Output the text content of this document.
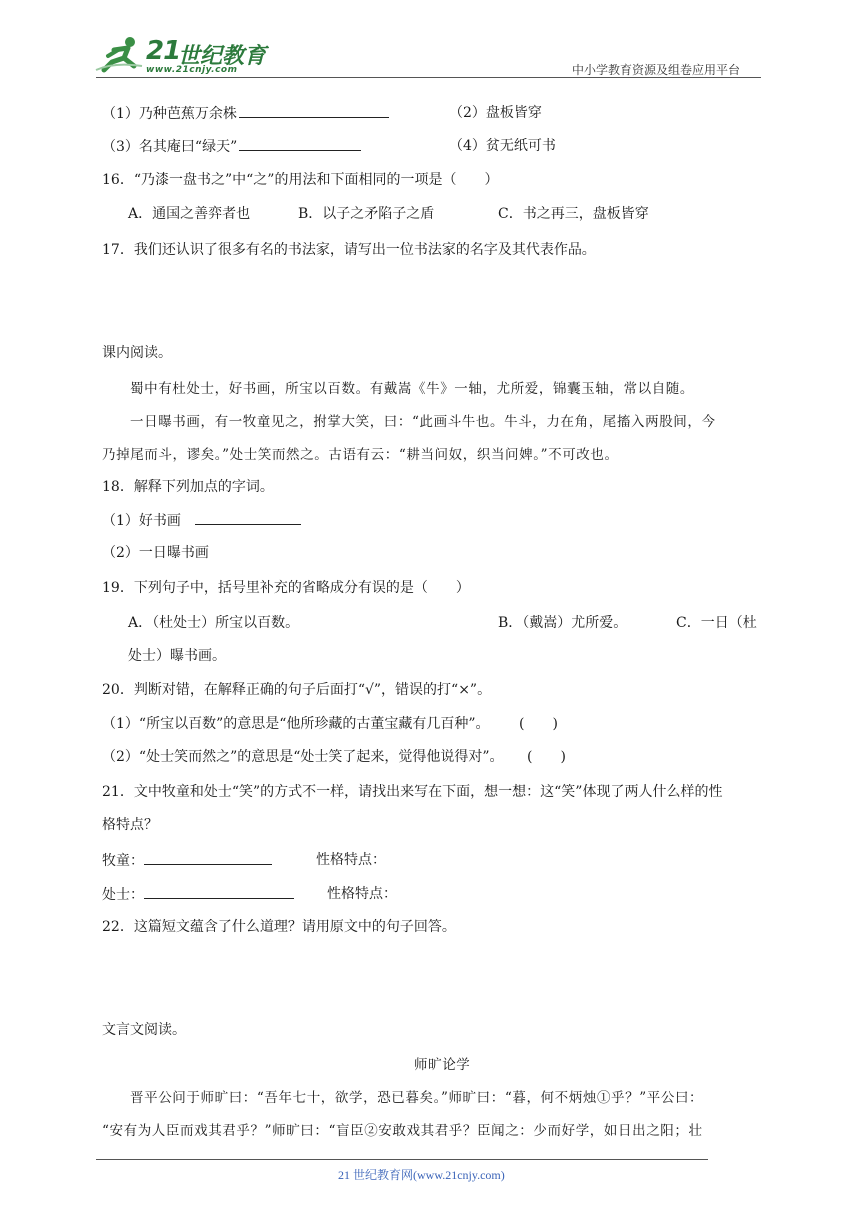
21
世纪教育
www.21cnjy.com	中小学教育资源及组卷应用平台
（1）乃种芭蕉万余株	（2）盘板皆穿
（3）名其庵曰“绿天”	（4）贫无纸可书
16．“乃漆一盘书之”中“之”的用法和下面相同的一项是（　　）
A．通国之善弈者也	B．以子之矛陷子之盾	C．书之再三，盘板皆穿
17．我们还认识了很多有名的书法家，请写出一位书法家的名字及其代表作品。
课内阅读。
蜀中有杜处士，好书画，所宝以百数。有戴嵩《牛》一轴，尤所爱，锦囊玉轴，常以自随。
一日曝书画，有一牧童见之，拊掌大笑，曰：“此画斗牛也。牛斗，力在角，尾搐入两股间，今
乃掉尾而斗，谬矣。”处士笑而然之。古语有云：“耕当问奴，织当问婢。”不可改也。
18．解释下列加点的字词。
（1）好书画
（2）一日曝书画
19．下列句子中，括号里补充的省略成分有误的是（　　）
A．（杜处士）所宝以百数。	B．（戴嵩）尤所爱。	C．一日（杜
处士）曝书画。
20．判断对错，在解释正确的句子后面打“√”，错误的打“×”。
（1）“所宝以百数”的意思是“他所珍藏的古董宝藏有几百种”。 (　　)
（2）“处士笑而然之”的意思是“处士笑了起来，觉得他说得对”。 (　　)
21．文中牧童和处士“笑”的方式不一样，请找出来写在下面，想一想：这“笑”体现了两人什么样的性
格特点？
牧童：	性格特点：
处士：	性格特点：
22．这篇短文蕴含了什么道理？请用原文中的句子回答。
文言文阅读。
师旷论学
晋平公问于师旷曰：“吾年七十，欲学，恐已暮矣。”师旷曰：“暮，何不炳烛①乎？”平公曰：
“安有为人臣而戏其君乎？”师旷曰：“盲臣②安敢戏其君乎？臣闻之：少而好学，如日出之阳；壮
21 世纪教育网(www.21cnjy.com)
